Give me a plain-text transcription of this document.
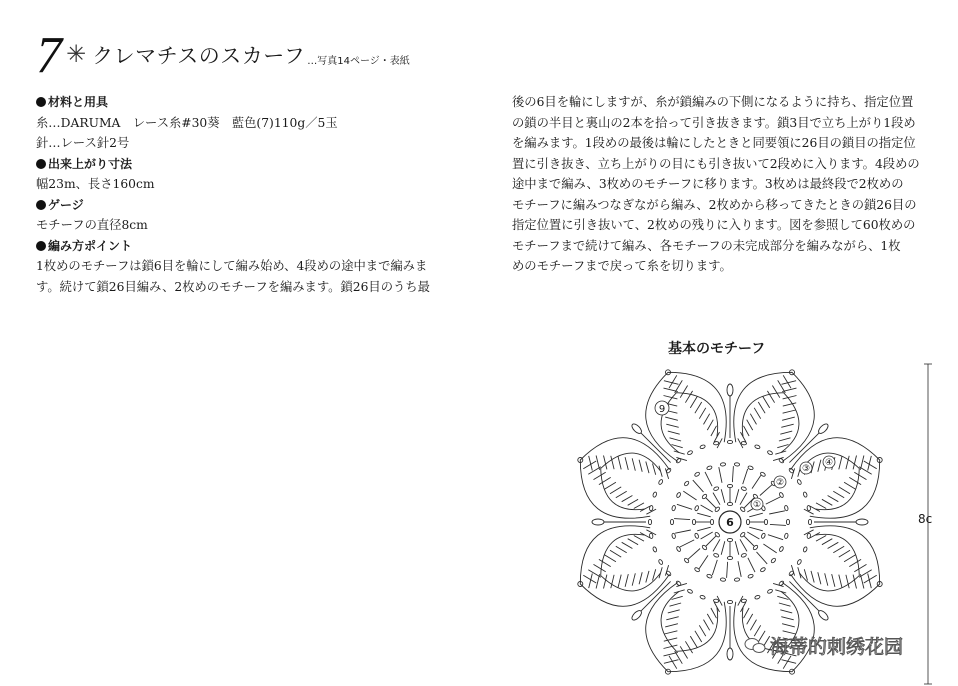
7 ✳ クレマチスのスカーフ …写真14ページ・表紙
材料と用具
糸…DARUMA　レース糸#30葵　藍色(7)110g／5玉
針…レース針2号
出来上がり寸法
幅23m、長さ160cm
ゲージ
モチーフの直径8cm
編み方ポイント
1枚めのモチーフは鎖6目を輪にして編み始め、4段めの途中まで編みま
す。続けて鎖26目編み、2枚めのモチーフを編みます。鎖26目のうち最
後の6目を輪にしますが、糸が鎖編みの下側になるように持ち、指定位置
の鎖の半目と裏山の2本を拾って引き抜きます。鎖3目で立ち上がり1段め
を編みます。1段めの最後は輪にしたときと同要領に26目の鎖目の指定位
置に引き抜き、立ち上がりの目にも引き抜いて2段めに入ります。4段めの
途中まで編み、3枚めのモチーフに移ります。3枚めは最終段で2枚めの
モチーフに編みつなぎながら編み、2枚めから移ってきたときの鎖26目の
指定位置に引き抜いて、2枚めの残りに入ります。図を参照して60枚めの
モチーフまで続けて編み、各モチーフの未完成部分を編みながら、1枚
めのモチーフまで戻って糸を切ります。
基本のモチーフ
6
①
②
③
④
9
8c
海蒂的刺绣花园
